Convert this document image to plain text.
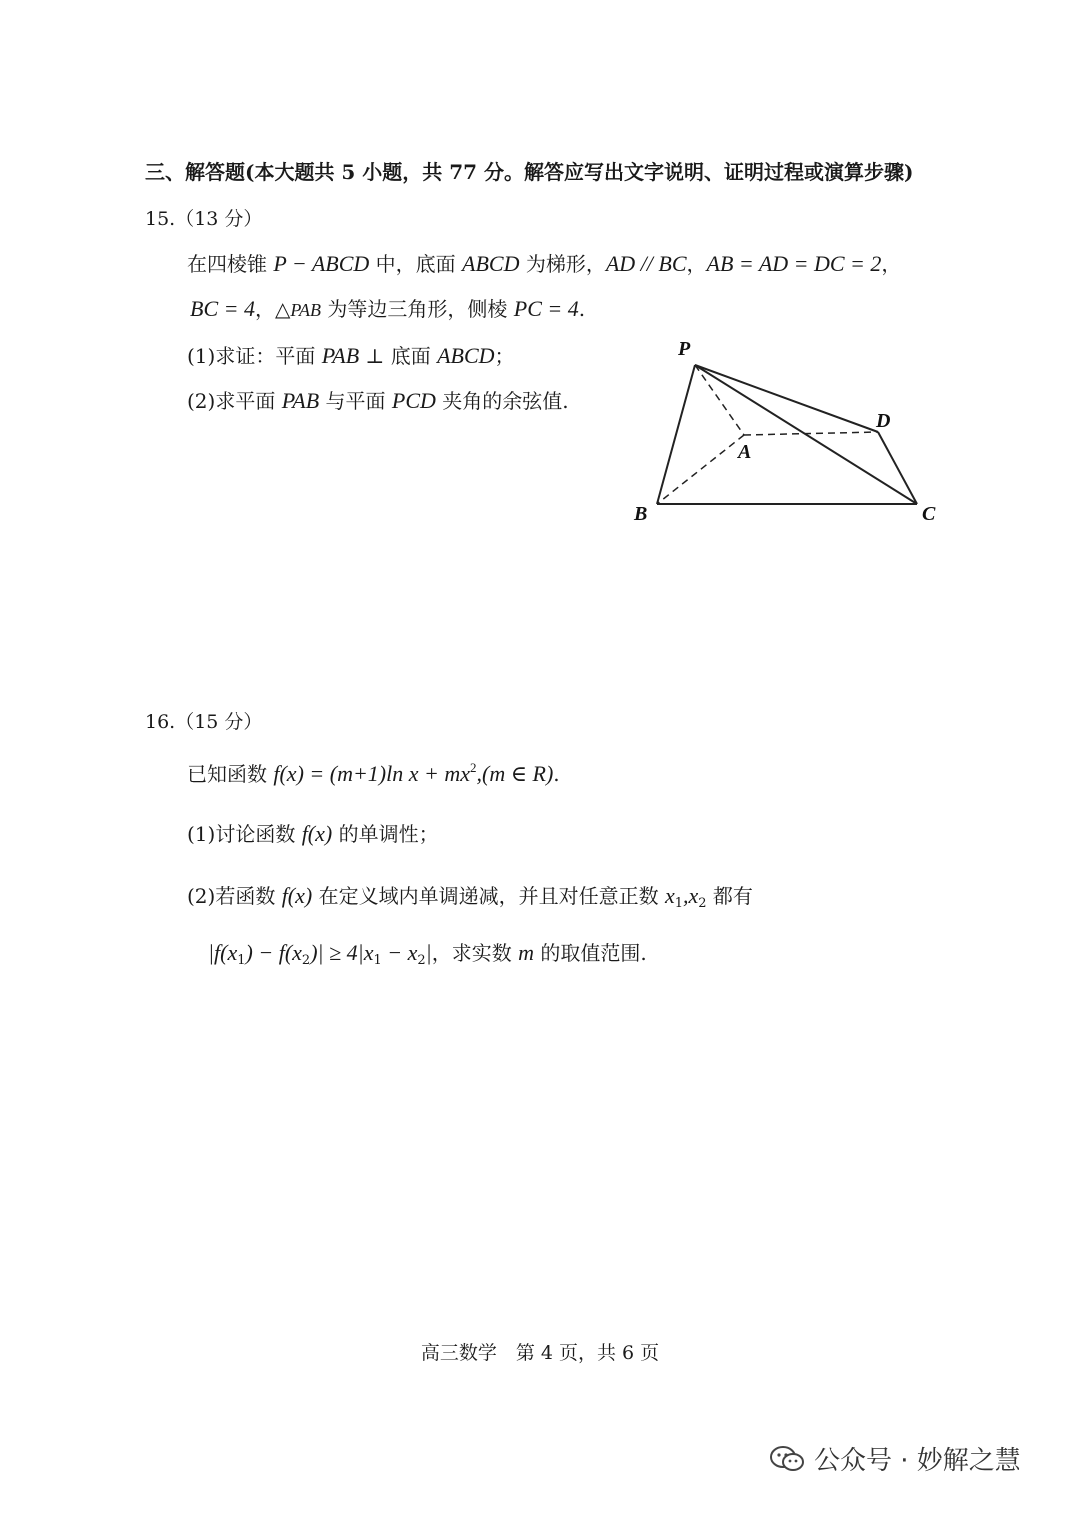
三、解答题(本大题共 5 小题，共 77 分。解答应写出文字说明、证明过程或演算步骤)
15.（13 分）
在四棱锥 P − ABCD 中，底面 ABCD 为梯形，AD // BC，AB = AD = DC = 2，
BC = 4，△PAB 为等边三角形，侧棱 PC = 4.
(1)求证：平面 PAB ⊥ 底面 ABCD；
(2)求平面 PAB 与平面 PCD 夹角的余弦值.
P
A
B	C
D
16.（15 分）
已知函数 f(x) = (m+1)ln $x + mx^2,(m$ ∈ R).
(1)讨论函数 f(x) 的单调性；
(2)若函数 f(x) 在定义域内单调递减，并且对任意正数 $x_1,x_2$ 都有
$|f(x_1) - f(x_2)| \ge 4|x_1 - x_2|$，求实数 m 的取值范围.
高三数学　第 4 页，共 6 页
公众号 · 妙解之慧
